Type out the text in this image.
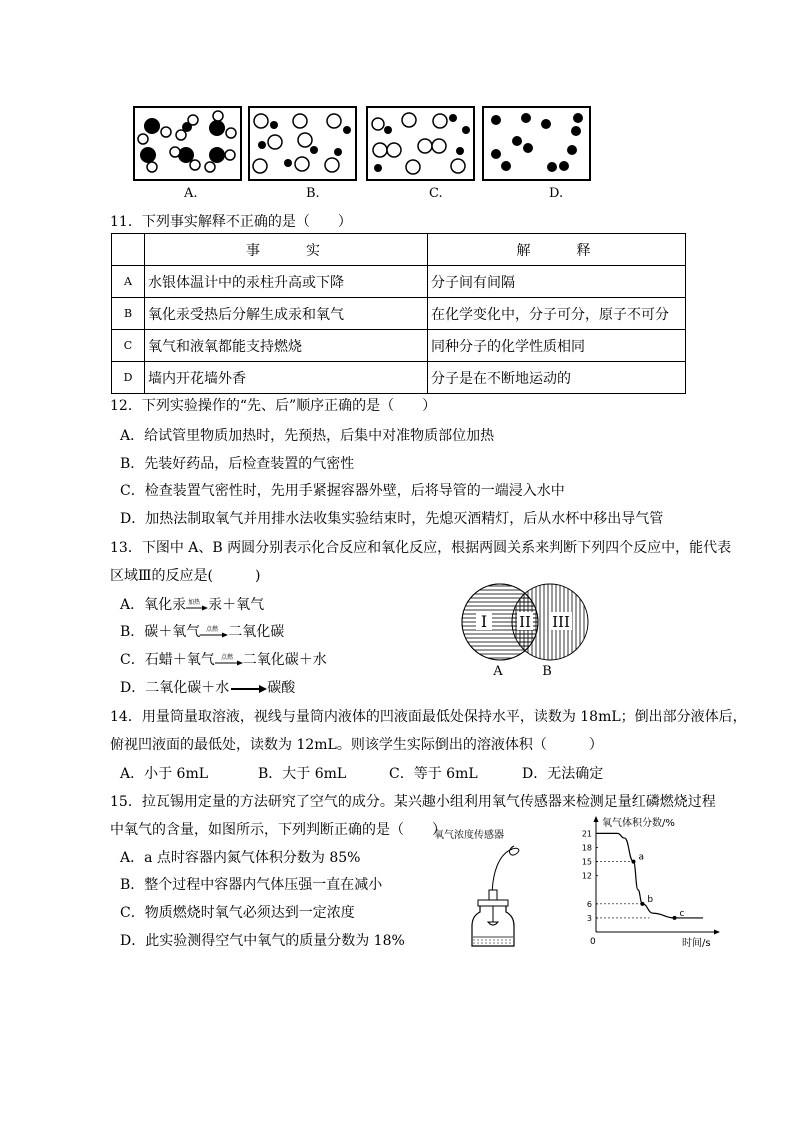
A.	B.	C.	D.
11．下列事实解释不正确的是（　　）
	事　　实	解　　释
A	水银体温计中的汞柱升高或下降	分子间有间隔
B	氧化汞受热后分解生成汞和氧气	在化学变化中，分子可分，原子不可分
C	氧气和液氧都能支持燃烧	同种分子的化学性质相同
D	墙内开花墙外香	分子是在不断地运动的
12．下列实验操作的“先、后”顺序正确的是（　　）
A．给试管里物质加热时，先预热，后集中对准物质部位加热
B．先装好药品，后检查装置的气密性
C．检查装置气密性时，先用手紧握容器外壁，后将导管的一端浸入水中
D．加热法制取氧气并用排水法收集实验结束时，先熄灭酒精灯，后从水杯中移出导气管
13．下图中 A、B 两圆分别表示化合反应和氧化反应，根据两圆关系来判断下列四个反应中，能代表
区域Ⅲ的反应是(　　　)
A．氧化汞 加热 汞＋氧气
B．碳＋氧气 点燃 二氧化碳
C．石蜡＋氧气 点燃 二氧化碳＋水
D．二氧化碳＋水→碳酸
I II III
A	B
14．用量筒量取溶液，视线与量筒内液体的凹液面最低处保持水平，读数为 18mL；倒出部分液体后，
俯视凹液面的最低处，读数为 12mL。则该学生实际倒出的溶液体积（　　　）
A．小于 6mL	B．大于 6mL	C．等于 6mL	D．无法确定
15．拉瓦锡用定量的方法研究了空气的成分。某兴趣小组利用氧气传感器来检测足量红磷燃烧过程
中氧气的含量，如图所示，下列判断正确的是（　　）
A．a 点时容器内氮气体积分数为 85%
B．整个过程中容器内气体压强一直在减小
C．物质燃烧时氧气必须达到一定浓度
D．此实验测得空气中氧气的质量分数为 18%
氧气浓度传感器
氧气体积分数/%
时间/s
0
3
6
12
15
18
21
a
b
c
